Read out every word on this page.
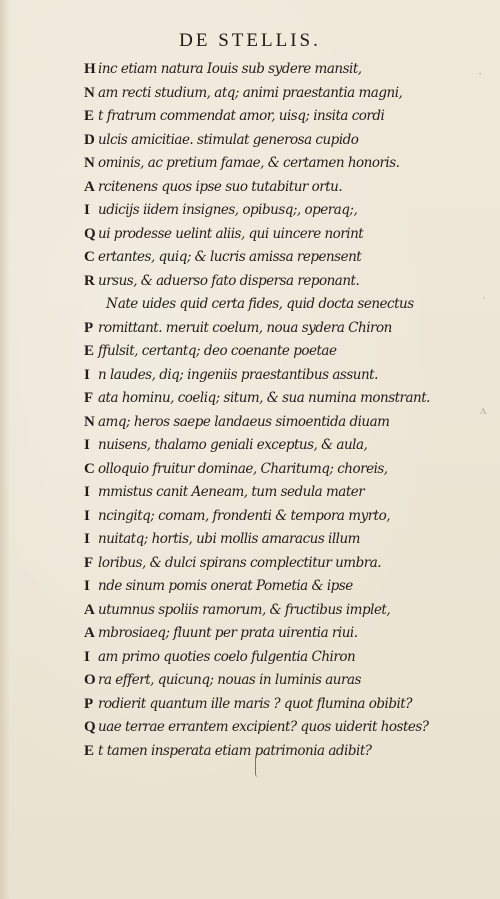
DE STELLIS.
H inc etiam natura Iouis sub sydere mansit,
N am recti studium, atq; animi praestantia magni,
E t fratrum commendat amor, uisq; insita cordi
D ulcis amicitiae. stimulat generosa cupido
N ominis, ac pretium famae, & certamen honoris.
A rcitenens quos ipse suo tutabitur ortu.
I udicijs iidem insignes, opibusq;, operaq;,
Q ui prodesse uelint aliis, qui uincere norint
C ertantes, quiq; & lucris amissa repensent
R ursus, & aduerso fato dispersa reponant.
Nate uides quid certa fides, quid docta senectus
P romittant. meruit coelum, noua sydera Chiron
E ffulsit, certantq; deo coenante poetae
I n laudes, diq; ingeniis praestantibus assunt.
F ata hominu, coeliq; situm, & sua numina monstrant.
N amq; heros saepe landaeus simoentida diuam
I nuisens, thalamo geniali exceptus, & aula,
C olloquio fruitur dominae, Charitumq; choreis,
I mmistus canit Aeneam, tum sedula mater
I ncingitq; comam, frondenti & tempora myrto,
I nuitatq; hortis, ubi mollis amaracus illum
F loribus, & dulci spirans complectitur umbra.
I nde sinum pomis onerat Pometia & ipse
A utumnus spoliis ramorum, & fructibus implet,
A mbrosiaeq; fluunt per prata uirentia riui.
I am primo quoties coelo fulgentia Chiron
O ra effert, quicunq; nouas in luminis auras
P rodierit quantum ille maris ? quot flumina obibit?
Q uae terrae errantem excipient? quos uiderit hostes?
E t tamen insperata etiam patrimonia adibit?
·
·
ʌ
